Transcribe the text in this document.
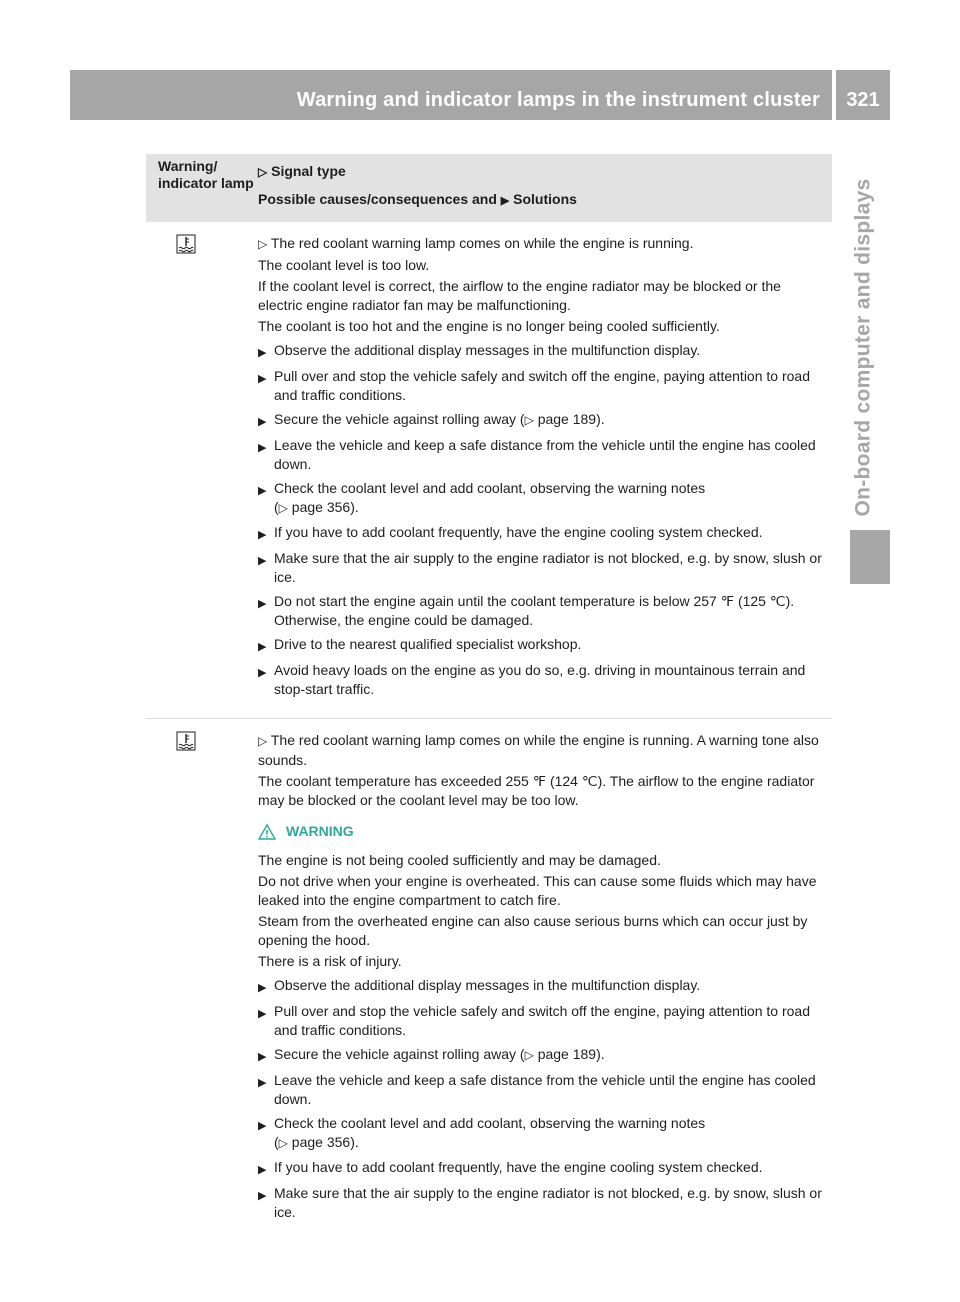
Warning and indicator lamps in the instrument cluster	321
On-board computer and displays
Warning/ indicator lamp
▷ Signal type
Possible causes/consequences and ▶ Solutions
▷ The red coolant warning lamp comes on while the engine is running.
The coolant level is too low.
If the coolant level is correct, the airflow to the engine radiator may be blocked or the electric engine radiator fan may be malfunctioning.
The coolant is too hot and the engine is no longer being cooled sufficiently.
▶ Observe the additional display messages in the multifunction display.
▶ Pull over and stop the vehicle safely and switch off the engine, paying attention to road and traffic conditions.
▶ Secure the vehicle against rolling away (▷ page 189).
▶ Leave the vehicle and keep a safe distance from the vehicle until the engine has cooled down.
▶ Check the coolant level and add coolant, observing the warning notes
(▷ page 356).
▶ If you have to add coolant frequently, have the engine cooling system checked.
▶ Make sure that the air supply to the engine radiator is not blocked, e.g. by snow, slush or ice.
▶ Do not start the engine again until the coolant temperature is below 257 ℉ (125 ℃). Otherwise, the engine could be damaged.
▶ Drive to the nearest qualified specialist workshop.
▶ Avoid heavy loads on the engine as you do so, e.g. driving in mountainous terrain and stop-start traffic.
▷ The red coolant warning lamp comes on while the engine is running. A warning tone also sounds.
The coolant temperature has exceeded 255 ℉ (124 ℃). The airflow to the engine radiator may be blocked or the coolant level may be too low.
WARNING
The engine is not being cooled sufficiently and may be damaged.
Do not drive when your engine is overheated. This can cause some fluids which may have leaked into the engine compartment to catch fire.
Steam from the overheated engine can also cause serious burns which can occur just by opening the hood.
There is a risk of injury.
▶ Observe the additional display messages in the multifunction display.
▶ Pull over and stop the vehicle safely and switch off the engine, paying attention to road and traffic conditions.
▶ Secure the vehicle against rolling away (▷ page 189).
▶ Leave the vehicle and keep a safe distance from the vehicle until the engine has cooled down.
▶ Check the coolant level and add coolant, observing the warning notes
(▷ page 356).
▶ If you have to add coolant frequently, have the engine cooling system checked.
▶ Make sure that the air supply to the engine radiator is not blocked, e.g. by snow, slush or ice.
